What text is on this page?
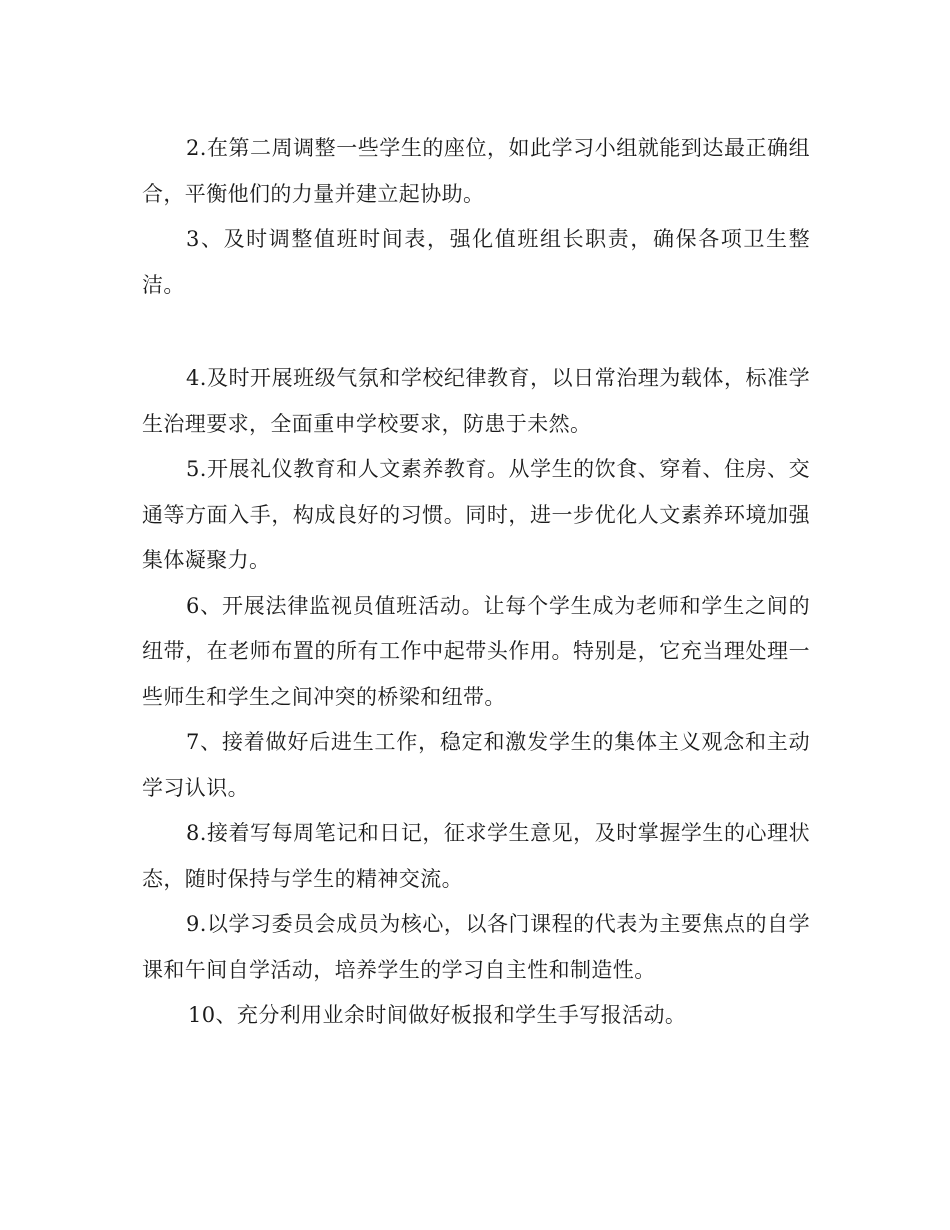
2.在第二周调整一些学生的座位，如此学习小组就能到达最正确组合，平衡他们的力量并建立起协助。

3、及时调整值班时间表，强化值班组长职责，确保各项卫生整洁。

4.及时开展班级气氛和学校纪律教育，以日常治理为载体，标准学生治理要求，全面重申学校要求，防患于未然。

5.开展礼仪教育和人文素养教育。从学生的饮食、穿着、住房、交通等方面入手，构成良好的习惯。同时，进一步优化人文素养环境加强集体凝聚力。

6、开展法律监视员值班活动。让每个学生成为老师和学生之间的纽带，在老师布置的所有工作中起带头作用。特别是，它充当理处理一些师生和学生之间冲突的桥梁和纽带。

7、接着做好后进生工作，稳定和激发学生的集体主义观念和主动学习认识。

8.接着写每周笔记和日记，征求学生意见，及时掌握学生的心理状态，随时保持与学生的精神交流。

9.以学习委员会成员为核心，以各门课程的代表为主要焦点的自学课和午间自学活动，培养学生的学习自主性和制造性。

10、充分利用业余时间做好板报和学生手写报活动。
